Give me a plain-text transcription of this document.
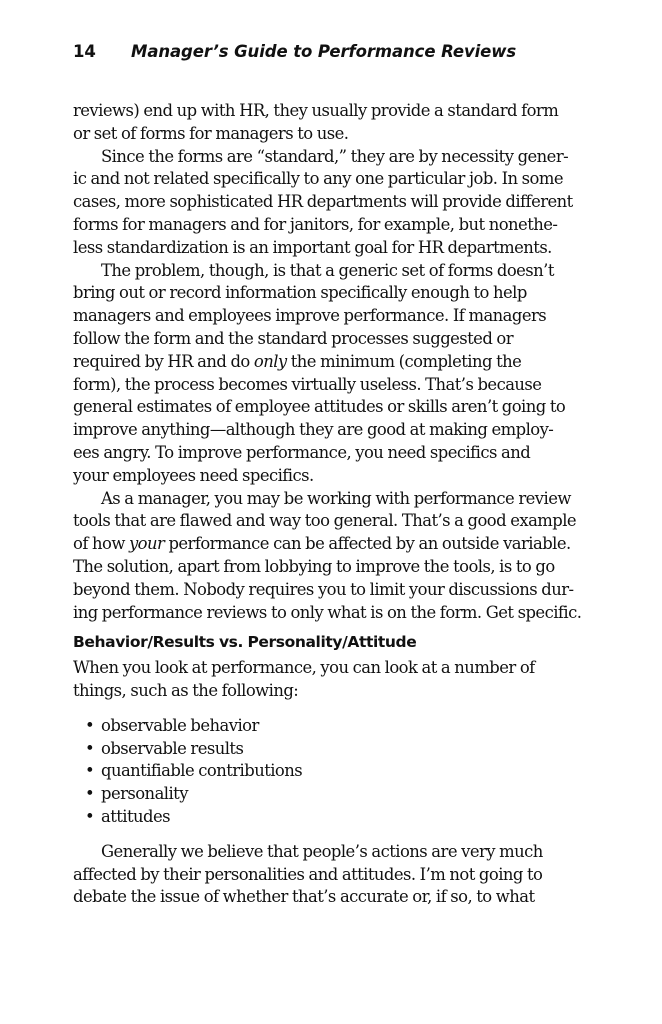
14 Manager’s Guide to Performance Reviews

reviews) end up with HR, they usually provide a standard form
or set of forms for managers to use.

Since the forms are “standard,” they are by necessity gener-
ic and not related specifically to any one particular job. In some
cases, more sophisticated HR departments will provide different
forms for managers and for janitors, for example, but nonethe-
less standardization is an important goal for HR departments.

The problem, though, is that a generic set of forms doesn’t
bring out or record information specifically enough to help
managers and employees improve performance. If managers
follow the form and the standard processes suggested or
required by HR and do only the minimum (completing the
form), the process becomes virtually useless. That’s because
general estimates of employee attitudes or skills aren’t going to
improve anything—although they are good at making employ-
ees angry. To improve performance, you need specifics and
your employees need specifics.

As a manager, you may be working with performance review
tools that are flawed and way too general. That’s a good example
of how your performance can be affected by an outside variable.
The solution, apart from lobbying to improve the tools, is to go
beyond them. Nobody requires you to limit your discussions dur-
ing performance reviews to only what is on the form. Get specific.

Behavior/Results vs. Personality/Attitude

When you look at performance, you can look at a number of
things, such as the following:

• observable behavior
• observable results
• quantifiable contributions
• personality
• attitudes

Generally we believe that people’s actions are very much
affected by their personalities and attitudes. I’m not going to
debate the issue of whether that’s accurate or, if so, to what
